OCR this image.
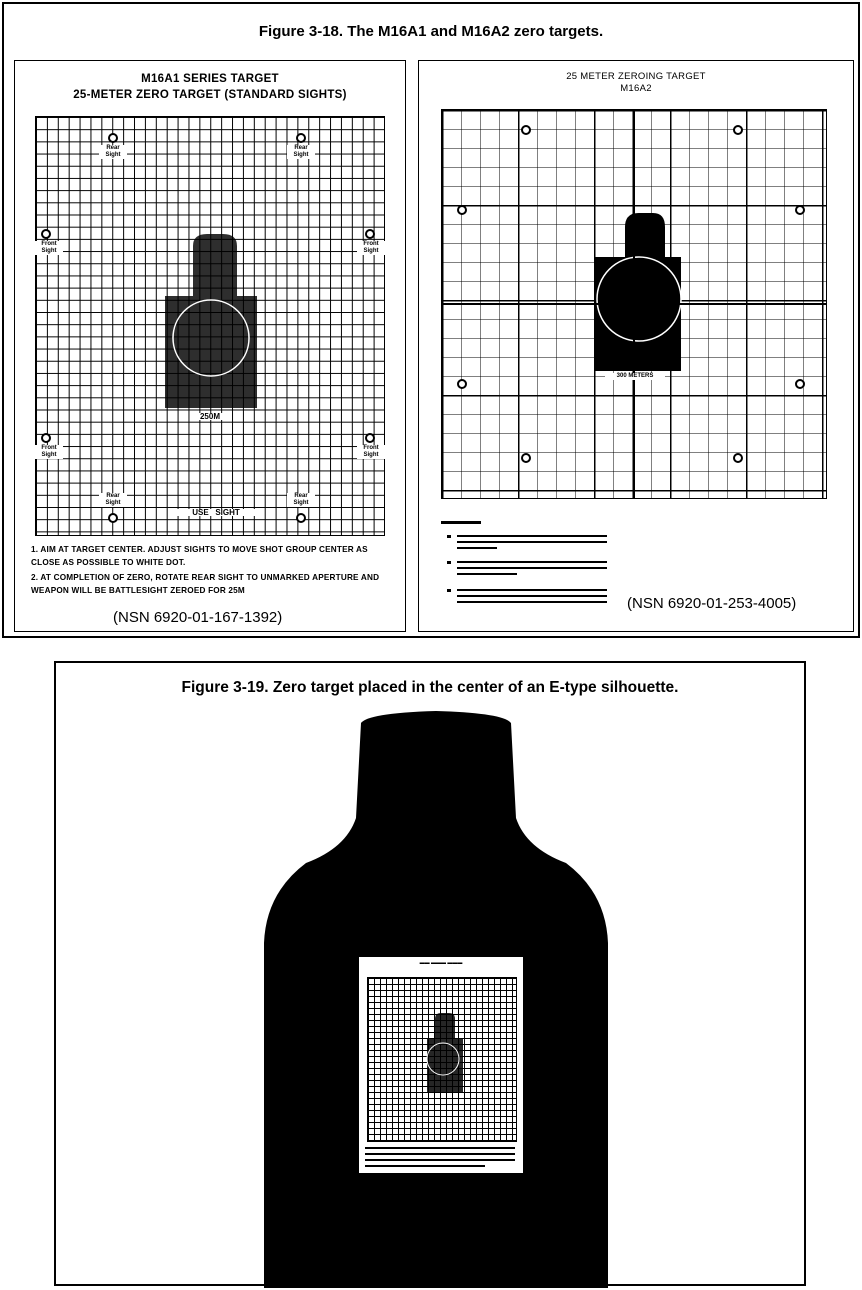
Figure 3-18. The M16A1 and M16A2 zero targets.
M16A1 SERIES TARGET
25-METER ZERO TARGET (STANDARD SIGHTS)
250M
Rear Sight
Rear Sight
Front Sight
Front Sight
Front Sight
Front Sight
Rear Sight
Rear Sight
USE   SIGHT
1. AIM AT TARGET CENTER. ADJUST SIGHTS TO MOVE SHOT GROUP CENTER AS CLOSE AS POSSIBLE TO WHITE DOT.
2. AT COMPLETION OF ZERO, ROTATE REAR SIGHT TO UNMARKED APERTURE AND WEAPON WILL BE BATTLESIGHT ZEROED FOR 25M
(NSN 6920-01-167-1392)
25 METER ZEROING TARGET
M16A2
300 METERS
(NSN 6920-01-253-4005)
Figure 3-19. Zero target placed in the center of an E-type silhouette.
▬▬ ▬▬▬ ▬▬▬
